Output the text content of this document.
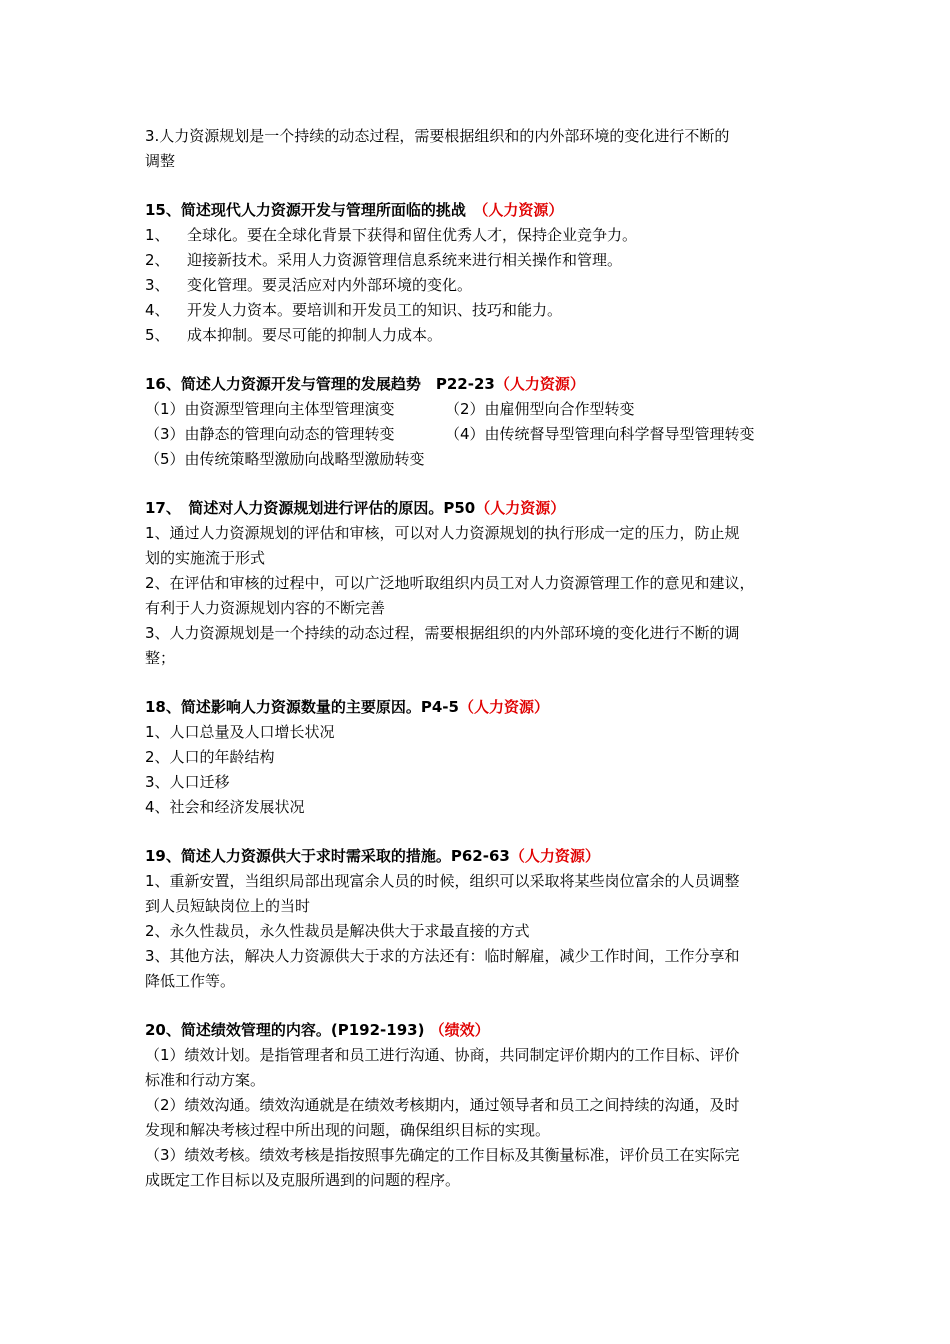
3.人力资源规划是一个持续的动态过程，需要根据组织和的内外部环境的变化进行不断的
调整
15、简述现代人力资源开发与管理所面临的挑战　（人力资源）
1、 全球化。要在全球化背景下获得和留住优秀人才，保持企业竞争力。
2、 迎接新技术。采用人力资源管理信息系统来进行相关操作和管理。
3、 变化管理。要灵活应对内外部环境的变化。
4、 开发人力资本。要培训和开发员工的知识、技巧和能力。
5、 成本抑制。要尽可能的抑制人力成本。
16、简述人力资源开发与管理的发展趋势　P22-23（人力资源）
（1）由资源型管理向主体型管理演变	（2）由雇佣型向合作型转变
（3）由静态的管理向动态的管理转变	（4）由传统督导型管理向科学督导型管理转变
（5）由传统策略型激励向战略型激励转变
17、　简述对人力资源规划进行评估的原因。P50（人力资源）
1、通过人力资源规划的评估和审核，可以对人力资源规划的执行形成一定的压力，防止规
划的实施流于形式
2、在评估和审核的过程中，可以广泛地听取组织内员工对人力资源管理工作的意见和建议，
有利于人力资源规划内容的不断完善
3、人力资源规划是一个持续的动态过程，需要根据组织的内外部环境的变化进行不断的调
整；
18、简述影响人力资源数量的主要原因。P4-5（人力资源）
1、人口总量及人口增长状况
2、人口的年龄结构
3、人口迁移
4、社会和经济发展状况
19、简述人力资源供大于求时需采取的措施。P62-63（人力资源）
1、重新安置，当组织局部出现富余人员的时候，组织可以采取将某些岗位富余的人员调整
到人员短缺岗位上的当时
2、永久性裁员，永久性裁员是解决供大于求最直接的方式
3、其他方法，解决人力资源供大于求的方法还有：临时解雇，减少工作时间，工作分享和
降低工作等。
20、简述绩效管理的内容。(P192-193) （绩效）
（1）绩效计划。是指管理者和员工进行沟通、协商，共同制定评价期内的工作目标、评价
标准和行动方案。
（2）绩效沟通。绩效沟通就是在绩效考核期内，通过领导者和员工之间持续的沟通，及时
发现和解决考核过程中所出现的问题，确保组织目标的实现。
（3）绩效考核。绩效考核是指按照事先确定的工作目标及其衡量标准，评价员工在实际完
成既定工作目标以及克服所遇到的问题的程序。
